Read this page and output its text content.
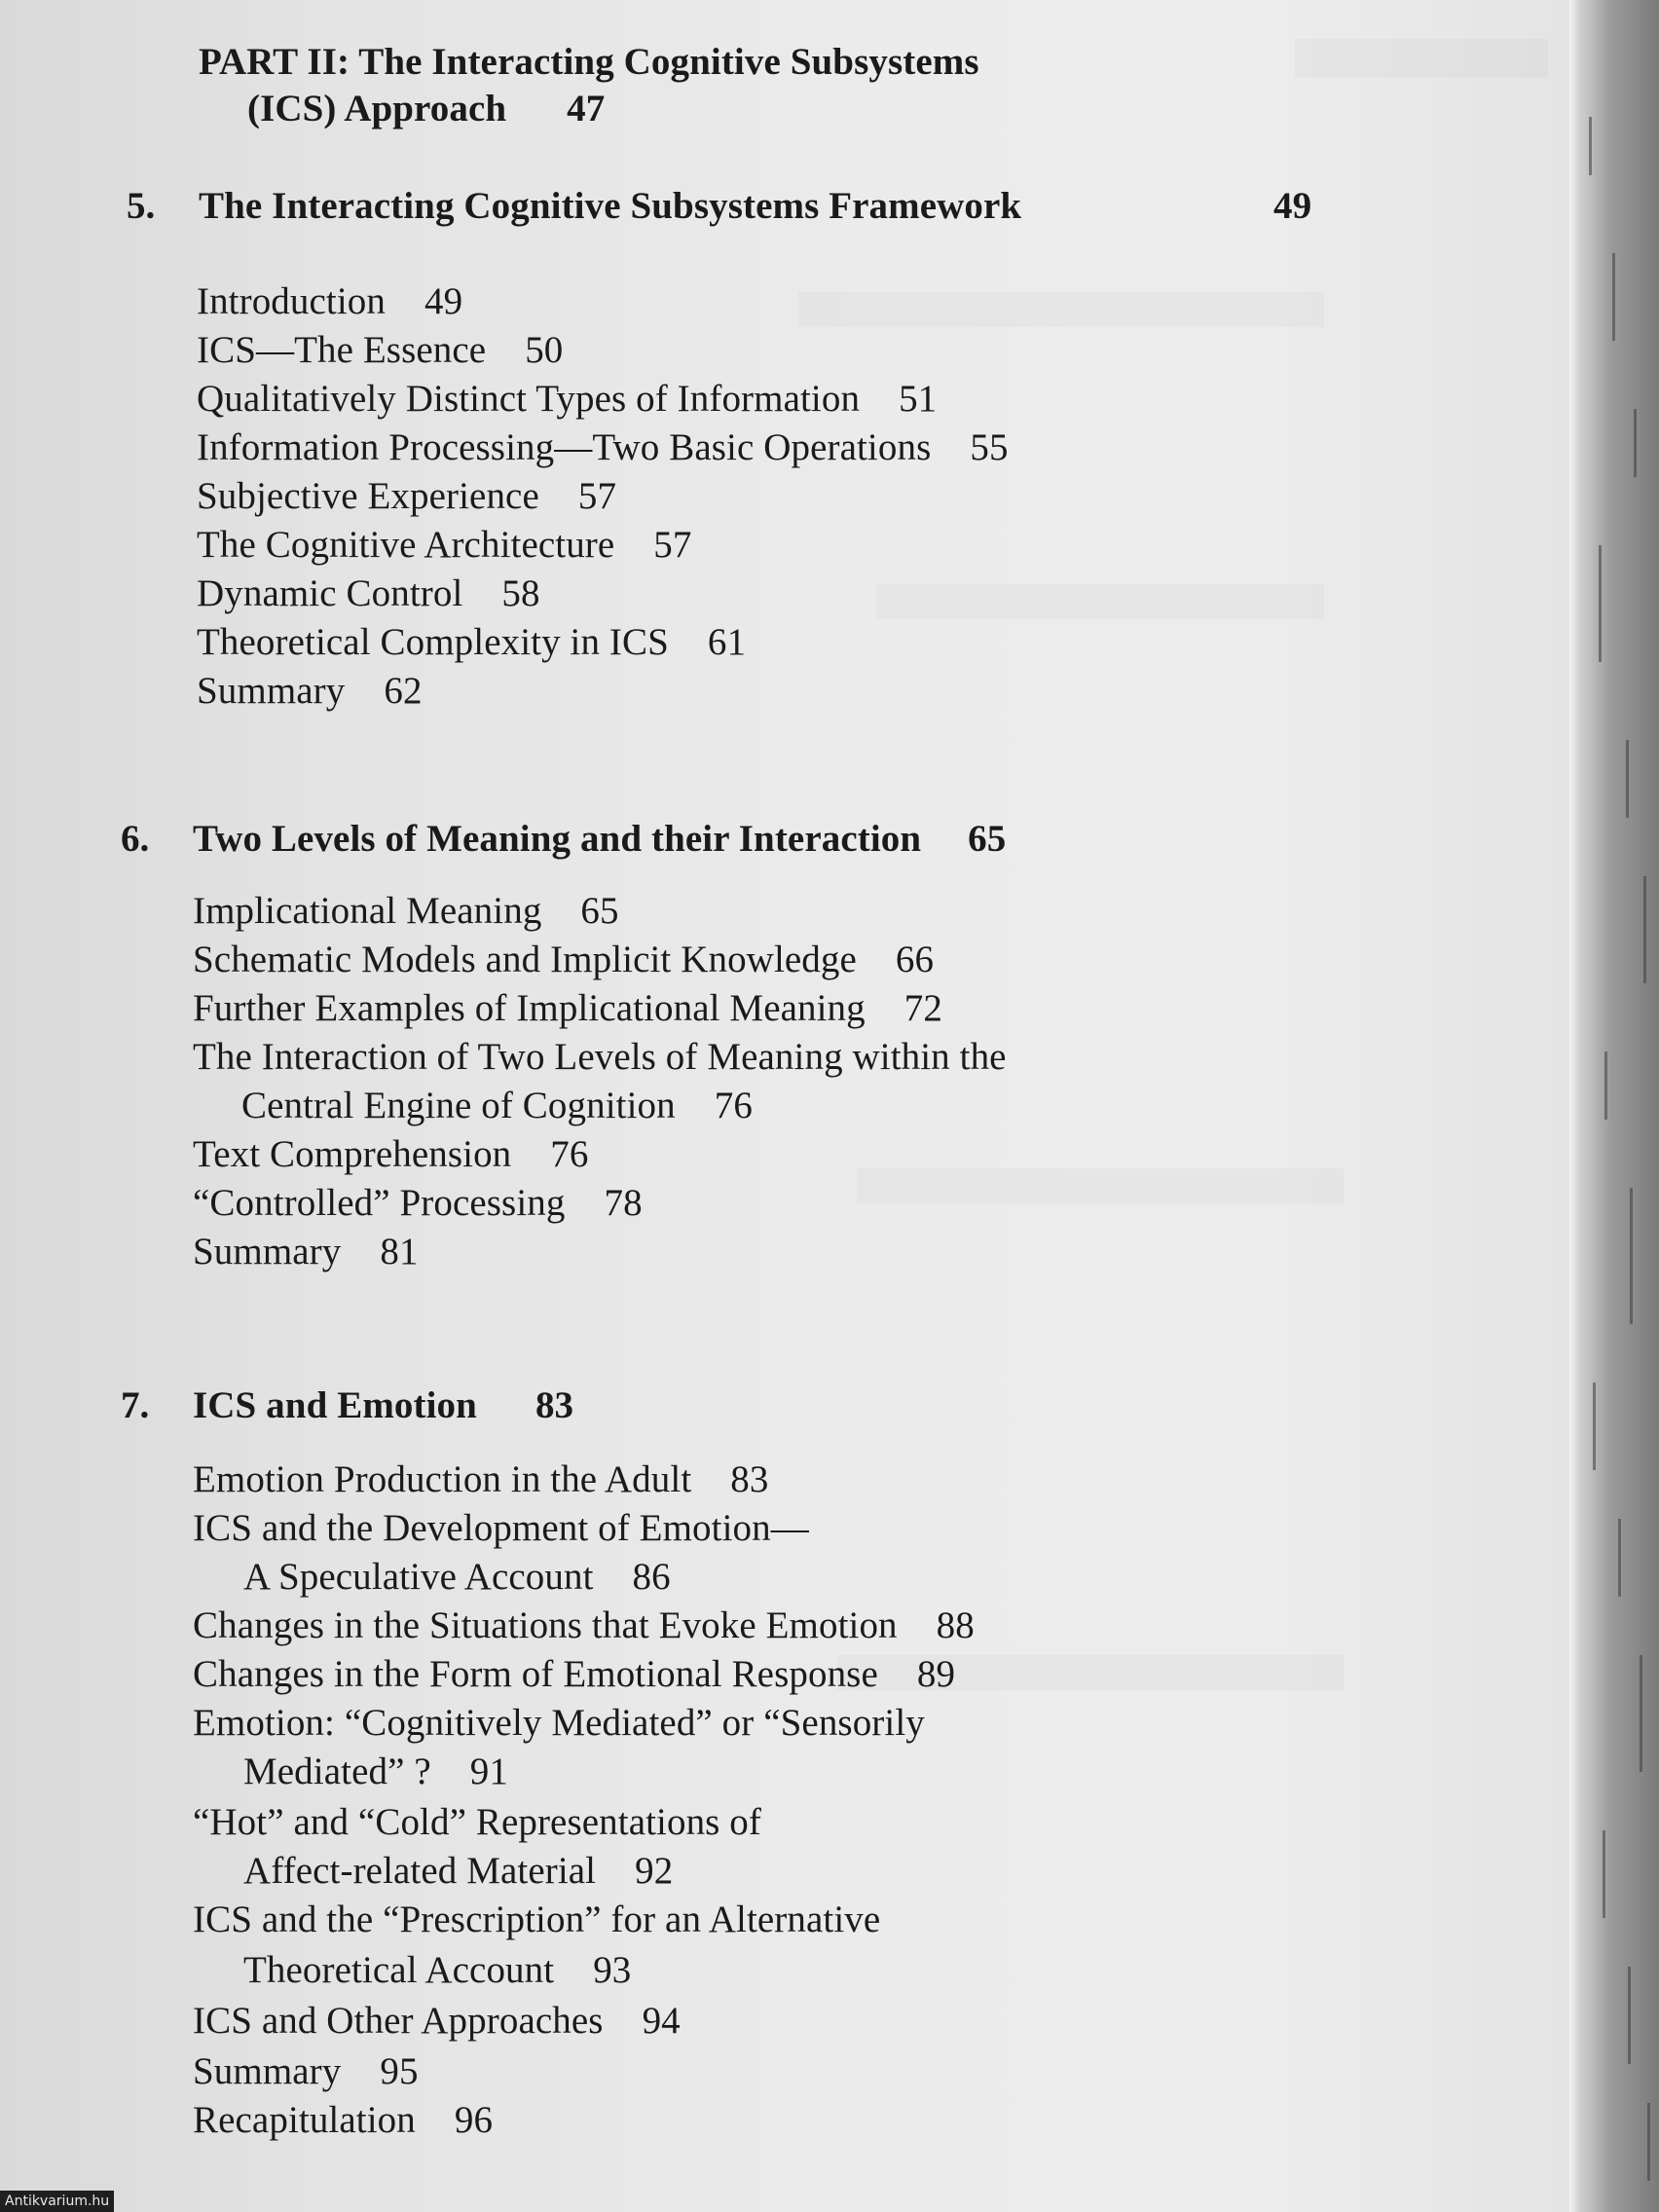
PART II: The Interacting Cognitive Subsystems
(ICS) Approach 47
5. The Interacting Cognitive Subsystems Framework	49
Introduction 49
ICS—The Essence 50
Qualitatively Distinct Types of Information 51
Information Processing—Two Basic Operations 55
Subjective Experience 57
The Cognitive Architecture 57
Dynamic Control 58
Theoretical Complexity in ICS 61
Summary 62
6. Two Levels of Meaning and their Interaction 65
Implicational Meaning 65
Schematic Models and Implicit Knowledge 66
Further Examples of Implicational Meaning 72
The Interaction of Two Levels of Meaning within the
Central Engine of Cognition 76
Text Comprehension 76
“Controlled” Processing 78
Summary 81
7. ICS and Emotion 83
Emotion Production in the Adult 83
ICS and the Development of Emotion—
A Speculative Account 86
Changes in the Situations that Evoke Emotion 88
Changes in the Form of Emotional Response 89
Emotion: “Cognitively Mediated” or “Sensorily
Mediated” ? 91
“Hot” and “Cold” Representations of
Affect-related Material 92
ICS and the “Prescription” for an Alternative
Theoretical Account 93
ICS and Other Approaches 94
Summary 95
Recapitulation 96
Antikvarium.hu
